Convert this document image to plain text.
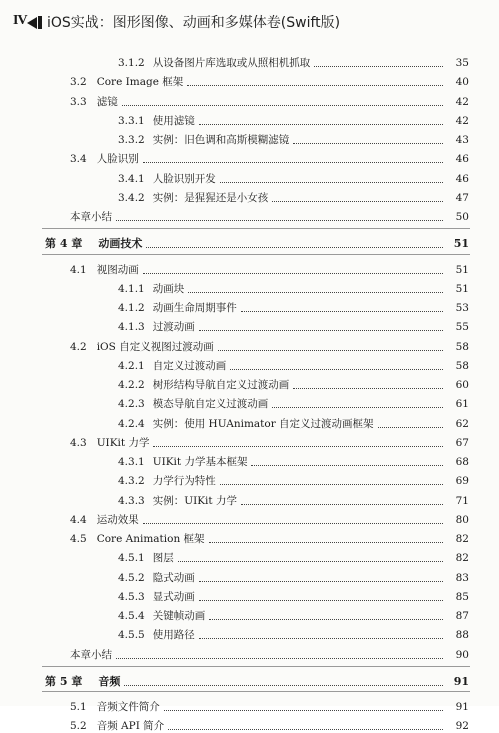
IV iOS实战：图形图像、动画和多媒体卷(Swift版)
3.1.2 从设备图片库选取或从照相机抓取	35
3.2 Core Image 框架	40
3.3 滤镜	42
3.3.1 使用滤镜	42
3.3.2 实例：旧色调和高斯模糊滤镜	43
3.4 人脸识别	46
3.4.1 人脸识别开发	46
3.4.2 实例：是猩猩还是小女孩	47
本章小结	50
第 4 章 动画技术	51
4.1 视图动画	51
4.1.1 动画块	51
4.1.2 动画生命周期事件	53
4.1.3 过渡动画	55
4.2 iOS 自定义视图过渡动画	58
4.2.1 自定义过渡动画	58
4.2.2 树形结构导航自定义过渡动画	60
4.2.3 模态导航自定义过渡动画	61
4.2.4 实例：使用 HUAnimator 自定义过渡动画框架	62
4.3 UIKit 力学	67
4.3.1 UIKit 力学基本框架	68
4.3.2 力学行为特性	69
4.3.3 实例：UIKit 力学	71
4.4 运动效果	80
4.5 Core Animation 框架	82
4.5.1 图层	82
4.5.2 隐式动画	83
4.5.3 显式动画	85
4.5.4 关键帧动画	87
4.5.5 使用路径	88
本章小结	90
第 5 章 音频	91
5.1 音频文件简介	91
5.2 音频 API 简介	92
